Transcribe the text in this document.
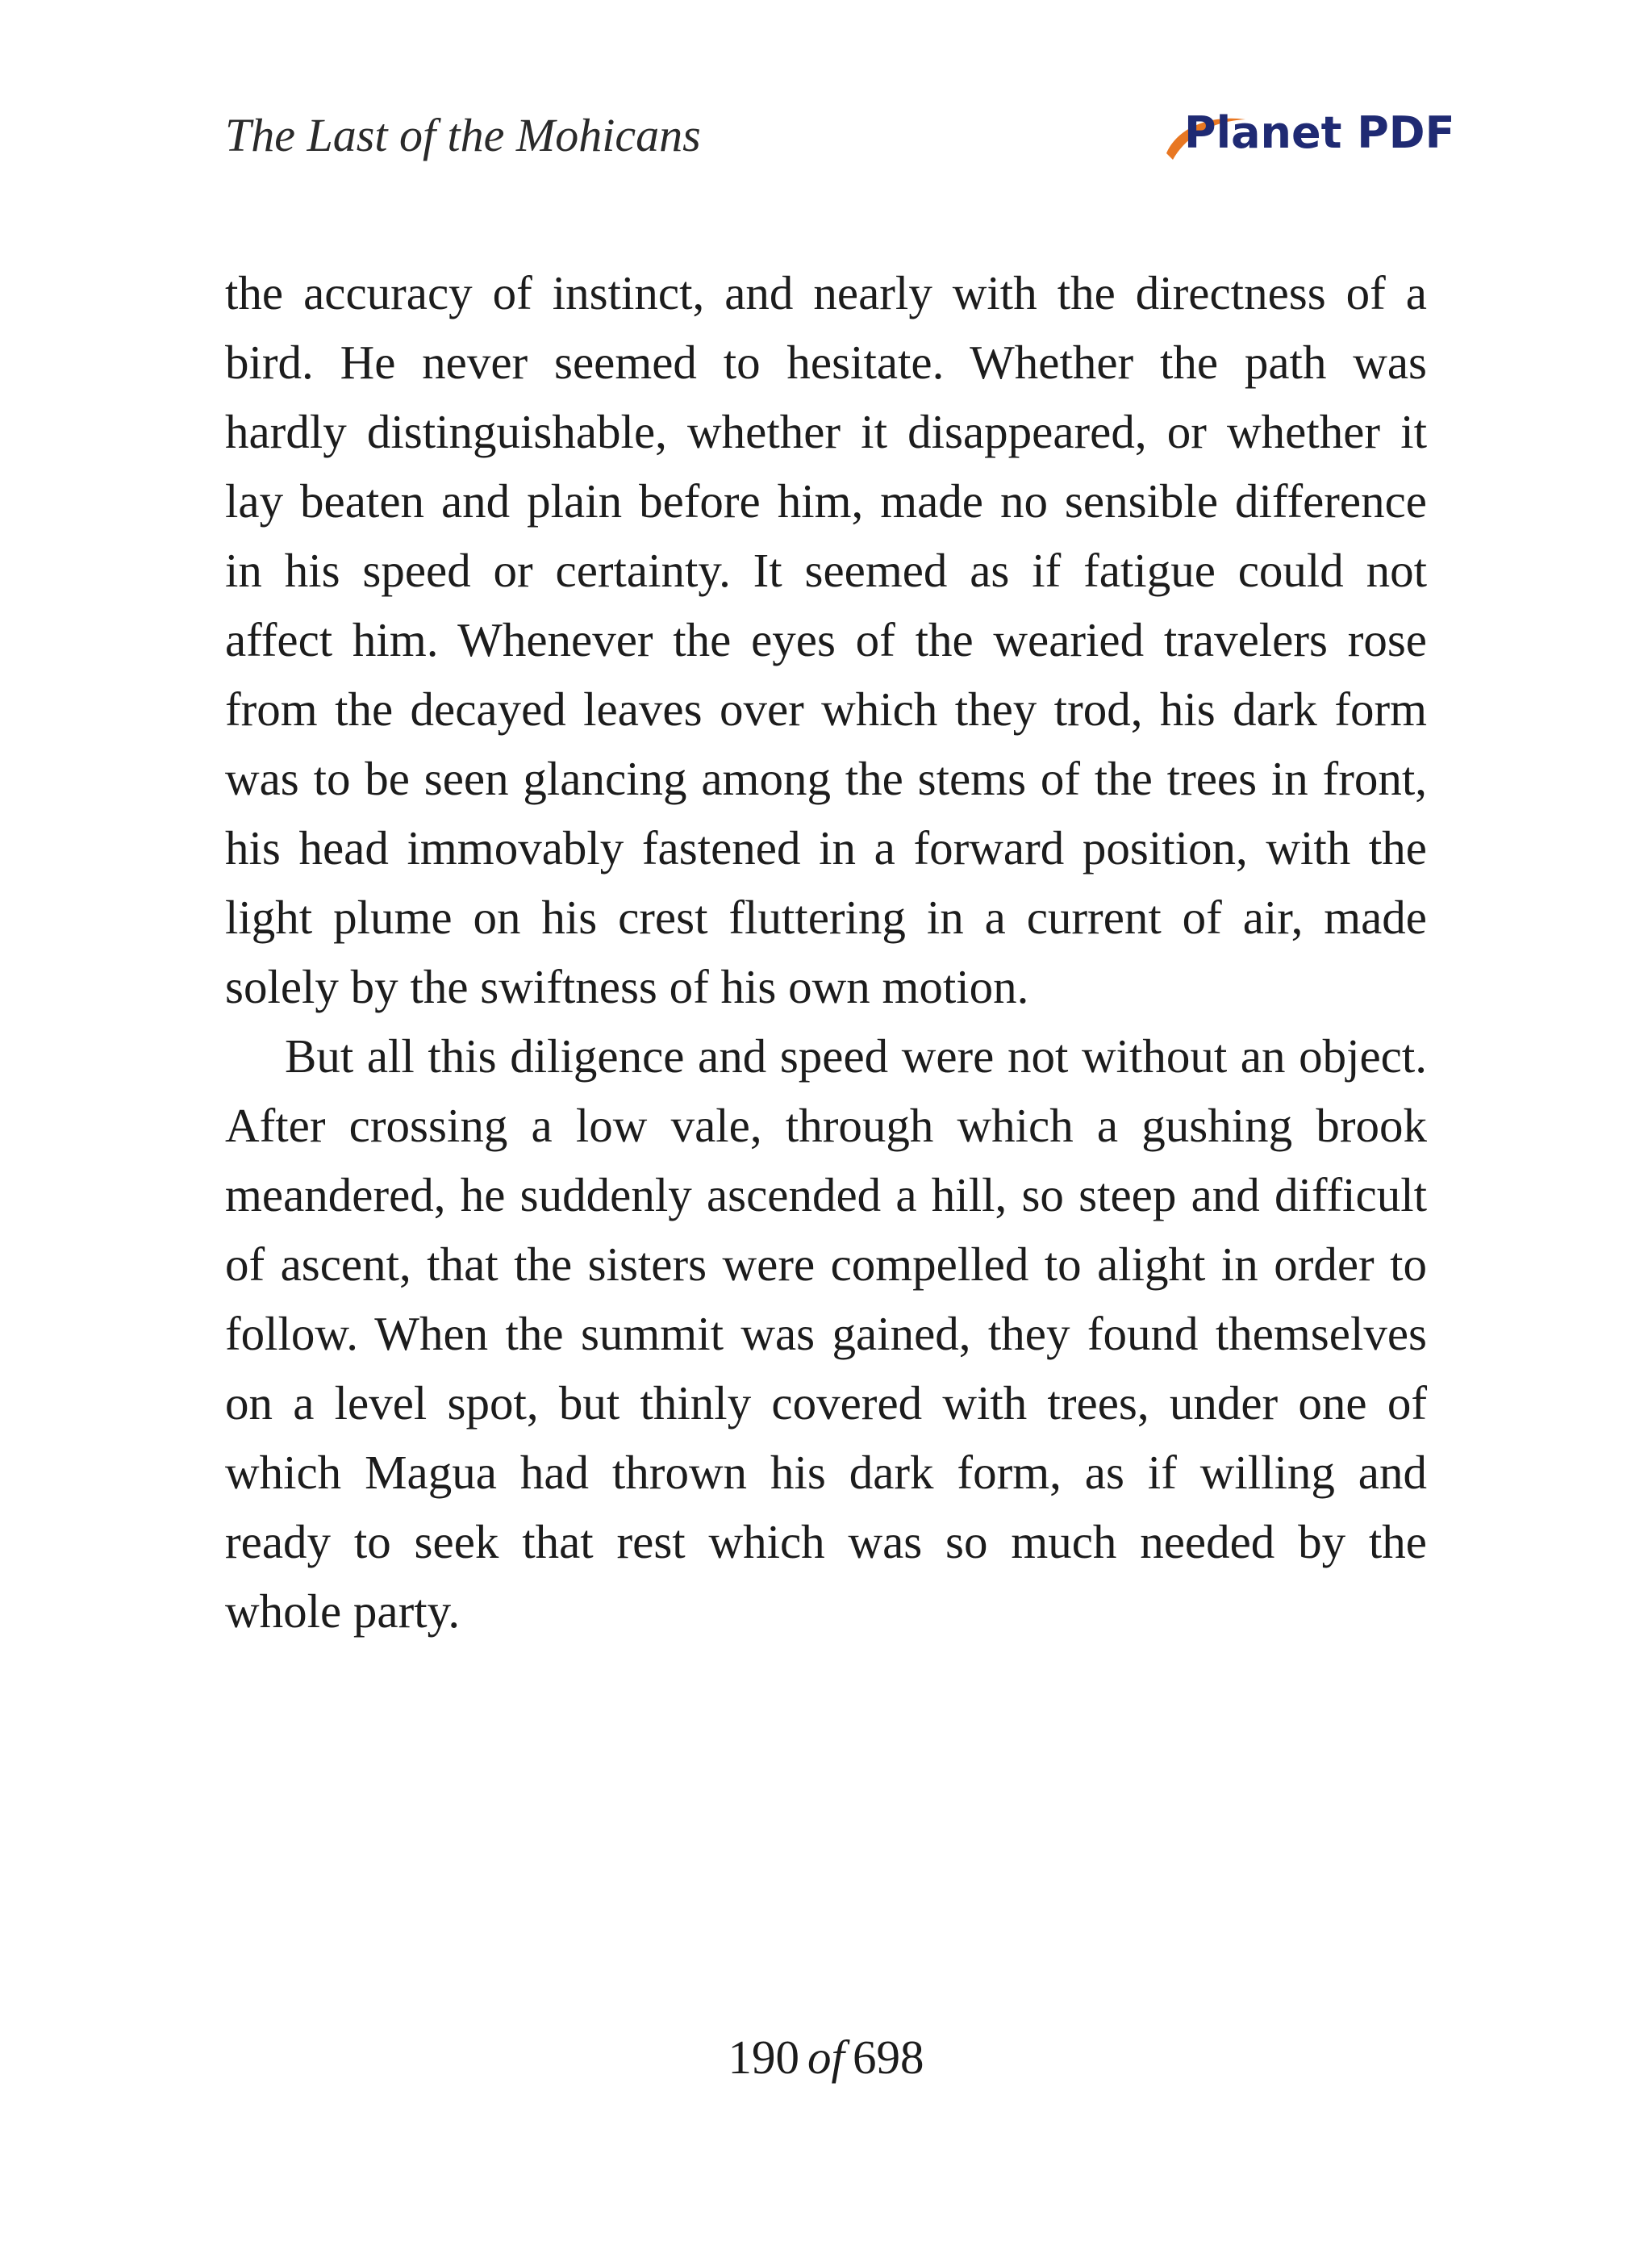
The Last of the Mohicans	Planet PDF

the accuracy of instinct, and nearly with the directness of a bird. He never seemed to hesitate. Whether the path was hardly distinguishable, whether it disappeared, or whether it lay beaten and plain before him, made no sensible difference in his speed or certainty. It seemed as if fatigue could not affect him. Whenever the eyes of the wearied travelers rose from the decayed leaves over which they trod, his dark form was to be seen glancing among the stems of the trees in front, his head immovably fastened in a forward position, with the light plume on his crest fluttering in a current of air, made solely by the swiftness of his own motion.

But all this diligence and speed were not without an object. After crossing a low vale, through which a gushing brook meandered, he suddenly ascended a hill, so steep and difficult of ascent, that the sisters were compelled to alight in order to follow. When the summit was gained, they found themselves on a level spot, but thinly covered with trees, under one of which Magua had thrown his dark form, as if willing and ready to seek that rest which was so much needed by the whole party.

190 of 698
